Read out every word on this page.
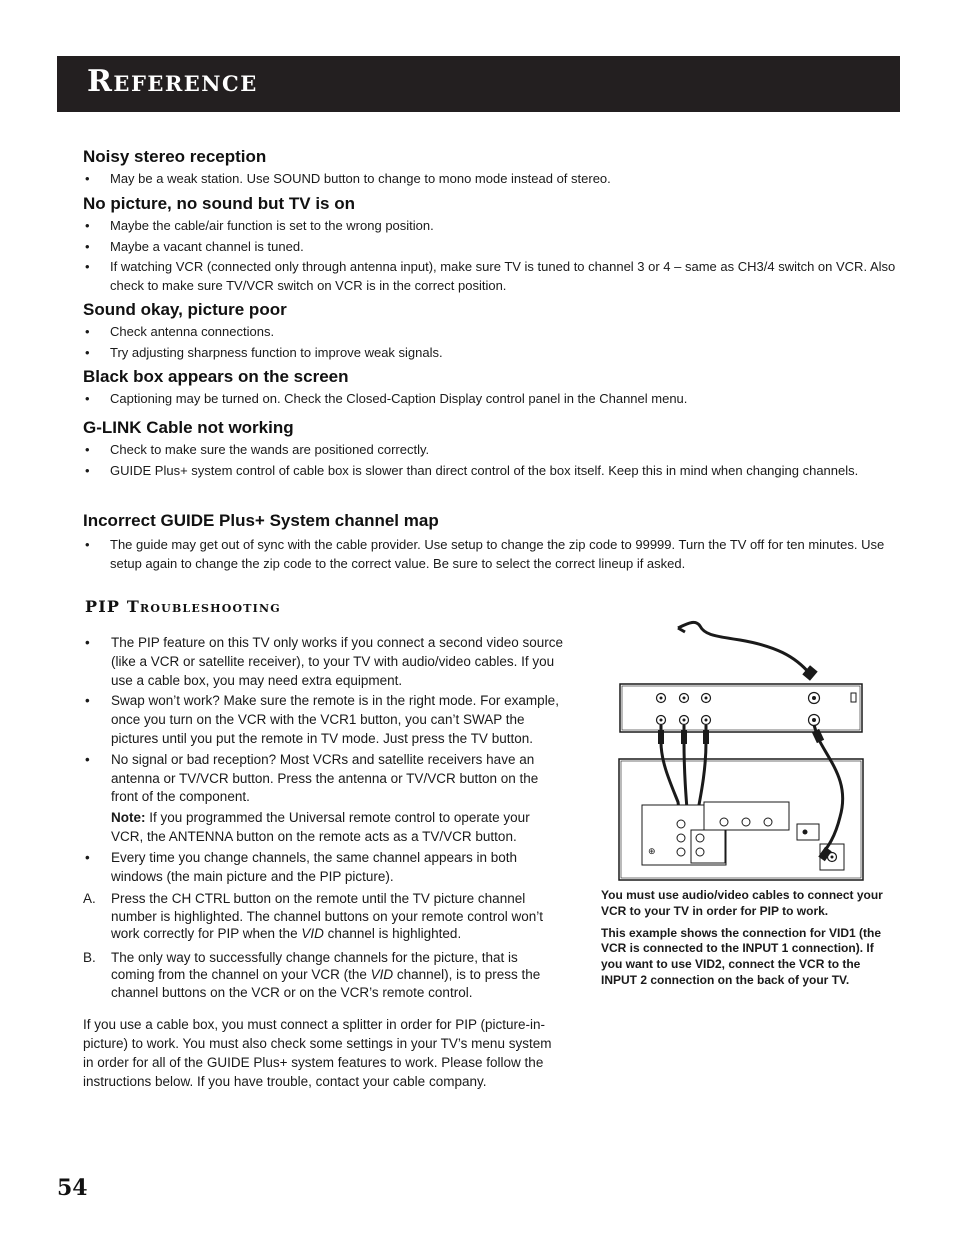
Reference
Noisy stereo reception
• May be a weak station. Use SOUND button to change to mono mode instead of stereo.
No picture, no sound but TV is on
• Maybe the cable/air function is set to the wrong position.
• Maybe a vacant channel is tuned.
• If watching VCR (connected only through antenna input), make sure TV is tuned to channel 3 or 4 – same as CH3/4 switch on VCR. Also check to make sure TV/VCR switch on VCR is in the correct position.
Sound okay, picture poor
• Check antenna connections.
• Try adjusting sharpness function to improve weak signals.
Black box appears on the screen
• Captioning may be turned on. Check the Closed-Caption Display control panel in the Channel menu.
G-LINK Cable not working
• Check to make sure the wands are positioned correctly.
• GUIDE Plus+ system control of cable box is slower than direct control of the box itself. Keep this in mind when changing channels.
Incorrect GUIDE Plus+ System channel map
• The guide may get out of sync with the cable provider. Use setup to change the zip code to 99999. Turn the TV off for ten minutes. Use setup again to change the zip code to the correct value. Be sure to select the correct lineup if asked.
PIP Troubleshooting
• The PIP feature on this TV only works if you connect a second video source (like a VCR or satellite receiver), to your TV with audio/video cables. If you use a cable box, you may need extra equipment.
• Swap won’t work? Make sure the remote is in the right mode. For example, once you turn on the VCR with the VCR1 button, you can’t SWAP the pictures until you put the remote in TV mode. Just press the TV button.
• No signal or bad reception? Most VCRs and satellite receivers have an antenna or TV/VCR button. Press the antenna or TV/VCR button on the front of the component.

Note: If you programmed the Universal remote control to operate your VCR, the ANTENNA button on the remote acts as a TV/VCR button.

• Every time you change channels, the same channel appears in both windows (the main picture and the PIP picture).
A. Press the CH CTRL button on the remote until the TV picture channel number is highlighted. The channel buttons on your remote control won’t work correctly for PIP when the VID channel is highlighted.
B. The only way to successfully change channels for the picture, that is coming from the channel on your VCR (the VID channel), is to press the channel buttons on the VCR or on the VCR’s remote control.
If you use a cable box, you must connect a splitter in order for PIP (picture-in-picture) to work. You must also check some settings in your TV’s menu system in order for all of the GUIDE Plus+ system features to work. Please follow the instructions below. If you have trouble, contact your cable company.
⊕

You must use audio/video cables to connect your VCR to your TV in order for PIP to work.

This example shows the connection for VID1 (the VCR is connected to the INPUT 1 connection). If you want to use VID2, connect the VCR to the INPUT 2 connection on the back of your TV.

54
